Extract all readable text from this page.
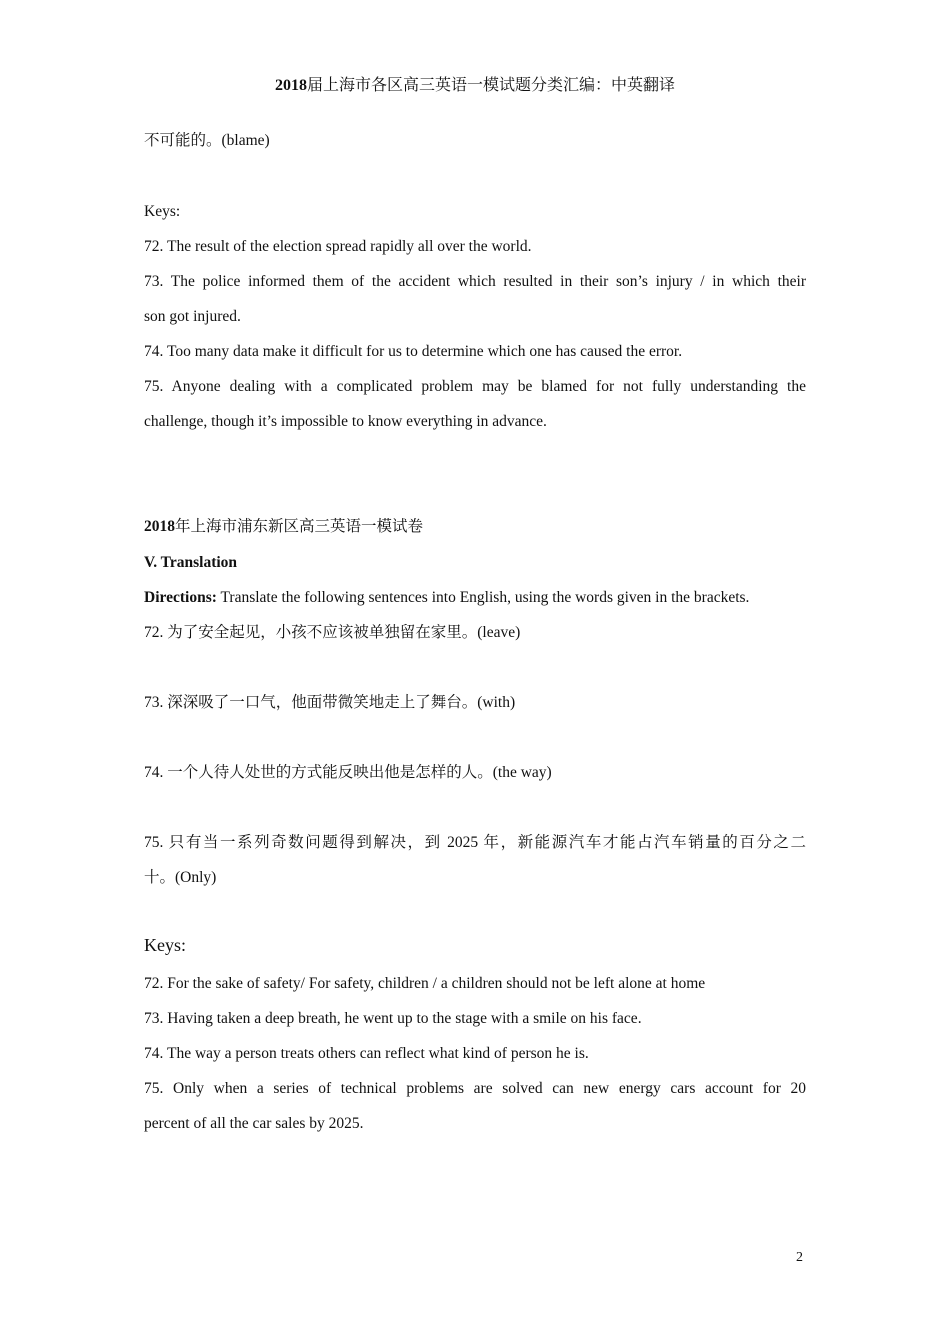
2018届上海市各区高三英语一模试题分类汇编：中英翻译
不可能的。(blame)
Keys:
72. The result of the election spread rapidly all over the world.
73. The police informed them of the accident which resulted in their son’s injury / in which their
son got injured.
74. Too many data make it difficult for us to determine which one has caused the error.
75. Anyone dealing with a complicated problem may be blamed for not fully understanding the
challenge, though it’s impossible to know everything in advance.
2018年上海市浦东新区高三英语一模试卷
V. Translation
Directions: Translate the following sentences into English, using the words given in the brackets.
72. 为了安全起见，小孩不应该被单独留在家里。(leave)
73. 深深吸了一口气，他面带微笑地走上了舞台。(with)
74. 一个人待人处世的方式能反映出他是怎样的人。(the way)
75. 只有当一系列奇数问题得到解决，到 2025 年，新能源汽车才能占汽车销量的百分之二
十。(Only)
Keys:
72. For the sake of safety/ For safety, children / a children should not be left alone at home
73. Having taken a deep breath, he went up to the stage with a smile on his face.
74. The way a person treats others can reflect what kind of person he is.
75. Only when a series of technical problems are solved can new energy cars account for 20
percent of all the car sales by 2025.
2
